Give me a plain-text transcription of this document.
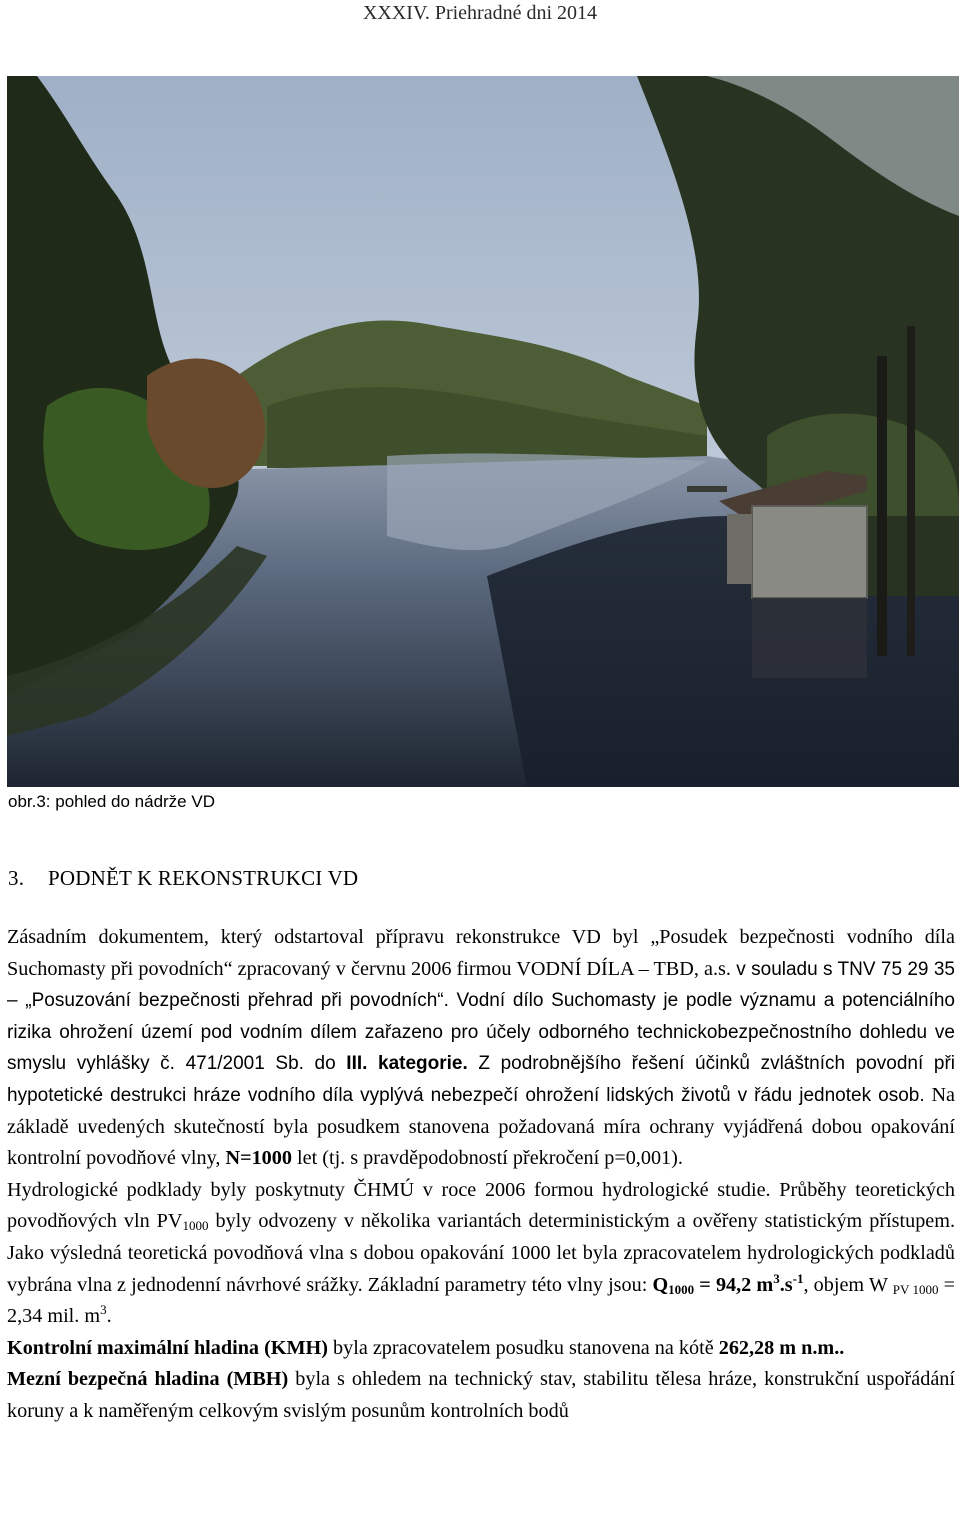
XXXIV. Priehradné dni 2014
obr.3: pohled do nádrže VD
3. PODNĚT K REKONSTRUKCI VD

Zásadním dokumentem, který odstartoval přípravu rekonstrukce VD byl „Posudek bezpečnosti vodního díla Suchomasty při povodních“ zpracovaný v červnu 2006 firmou VODNÍ DÍLA – TBD, a.s. v souladu s TNV 75 29 35 – „Posuzování bezpečnosti přehrad při povodních“. Vodní dílo Suchomasty je podle významu a potenciálního rizika ohrožení území pod vodním dílem zařazeno pro účely odborného technickobezpečnostního dohledu ve smyslu vyhlášky č. 471/2001 Sb. do III. kategorie. Z podrobnějšího řešení účinků zvláštních povodní při hypotetické destrukci hráze vodního díla vyplývá nebezpečí ohrožení lidských životů v řádu jednotek osob. Na základě uvedených skutečností byla posudkem stanovena požadovaná míra ochrany vyjádřená dobou opakování kontrolní povodňové vlny, N=1000 let (tj. s pravděpodobností překročení p=0,001).

Hydrologické podklady byly poskytnuty ČHMÚ v roce 2006 formou hydrologické studie. Průběhy teoretických povodňových vln $PV_{1000}$ byly odvozeny v několika variantách deterministickým a ověřeny statistickým přístupem. Jako výsledná teoretická povodňová vlna s dobou opakování 1000 let byla zpracovatelem hydrologických podkladů vybrána vlna z jednodenní návrhové srážky. Základní parametry této vlny jsou: $Q_{1000} = 94,2$ $m^3.s^{-1}$, objem W $_{PV 1000}$ = 2,34 mil. $m^3$.

Kontrolní maximální hladina (KMH) byla zpracovatelem posudku stanovena na kótě 262,28 m n.m..

Mezní bezpečná hladina (MBH) byla s ohledem na technický stav, stabilitu tělesa hráze, konstrukční uspořádání koruny a k naměřeným celkovým svislým posunům kontrolních bodů
